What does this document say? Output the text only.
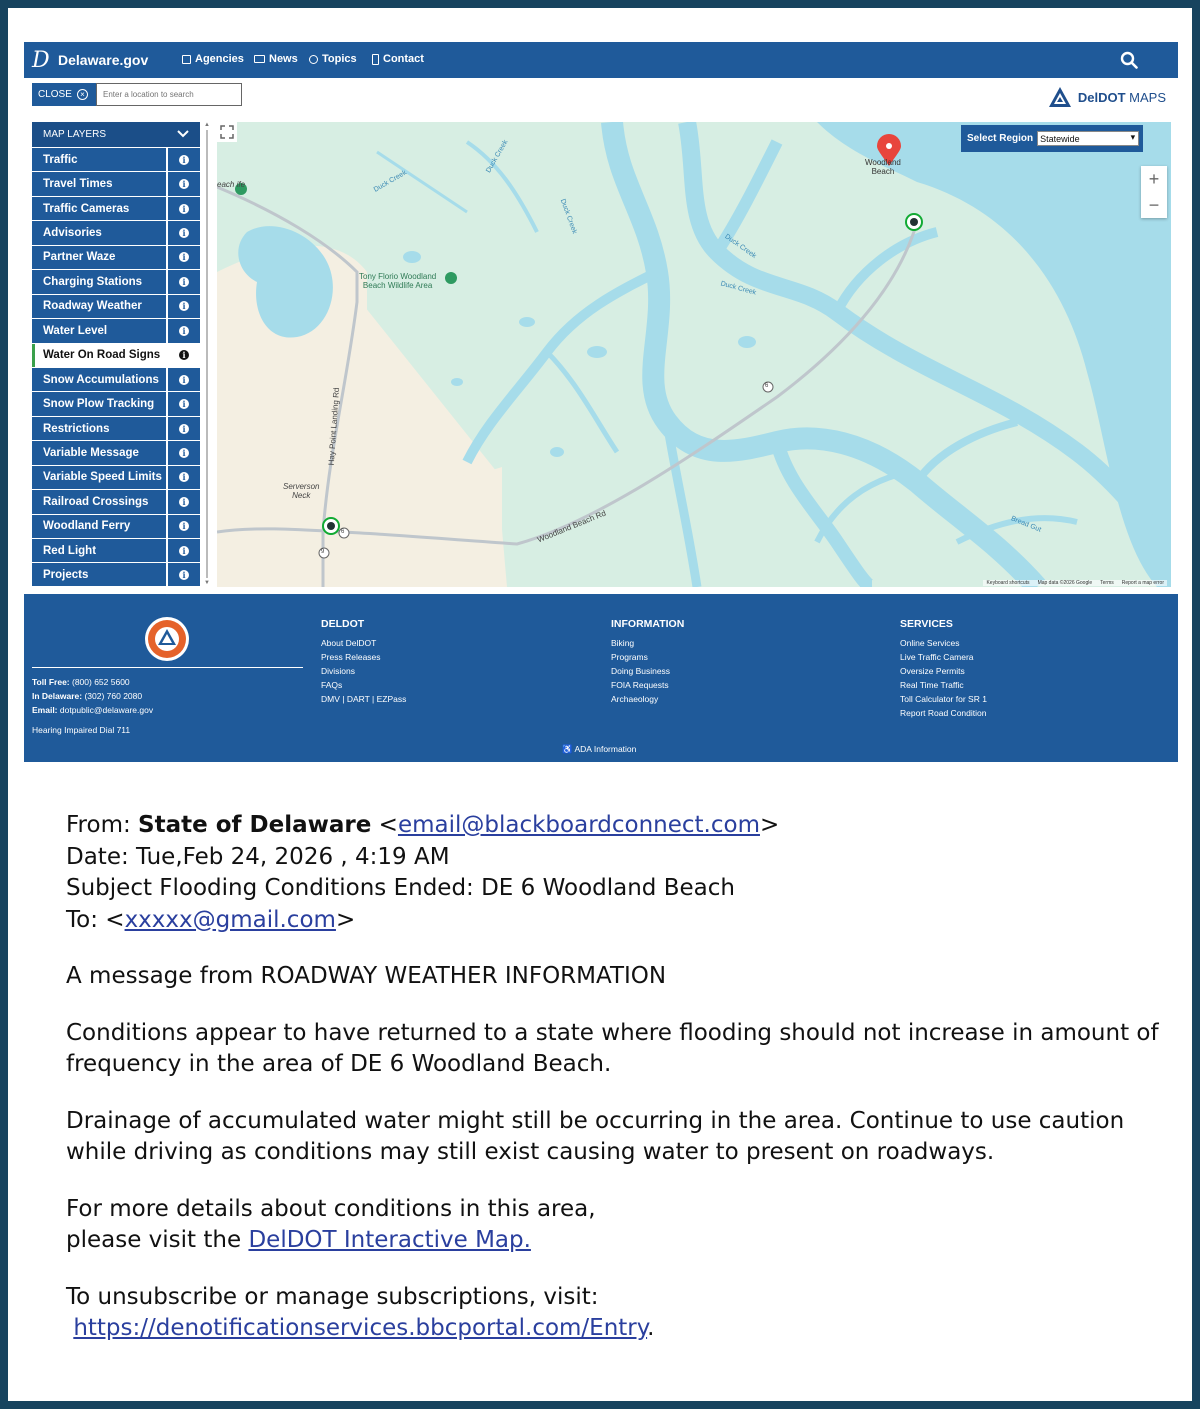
D Delaware.gov	Agencies News Topics Contact
CLOSE	×
Enter a location to search	DelDOT MAPS
MAP LAYERS
Traffic	i
Travel Times	i
Traffic Cameras	i
Advisories	i
Partner Waze	i
Charging Stations	i
Roadway Weather	i
Water Level	i
Water On Road Signs	i
Snow Accumulations	i
Snow Plow Tracking	i
Restrictions	i
Variable Message	i
Variable Speed Limits	i
Railroad Crossings	i
Woodland Ferry	i
Red Light	i
Projects	i
▲
▼
each ife
Woodland
Beach
Tony Florio Woodland
Beach Wildlife Area
Serverson
Neck
Hay Point Landing Rd
Woodland Beach Rd
Duck Creek
Duck Creek
Duck Creek
Duck Creek
Duck Creek
Bread Gut
6
6
9
Select Region Statewide
▾
+
−
Keyboard shortcuts Map data ©2026 Google Terms Report a map error
Toll Free: (800) 652 5600
In Delaware: (302) 760 2080
Email: dotpublic@delaware.gov
Hearing Impaired Dial 711
DELDOT
About DelDOT
Press Releases
Divisions
FAQs
DMV | DART | EZPass
INFORMATION
Biking
Programs
Doing Business
FOIA Requests
Archaeology
SERVICES
Online Services
Live Traffic Camera
Oversize Permits
Real Time Traffic
Toll Calculator for SR 1
Report Road Condition
♿ ADA Information
From: State of Delaware <email@blackboardconnect.com>
Date: Tue,Feb 24, 2026 , 4:19 AM
Subject Flooding Conditions Ended: DE 6 Woodland Beach
To: <xxxxx@gmail.com>
A message from ROADWAY WEATHER INFORMATION
Conditions appear to have returned to a state where flooding should not increase in amount of frequency in the area of DE 6 Woodland Beach.
Drainage of accumulated water might still be occurring in the area. Continue to use caution while driving as conditions may still exist causing water to present on roadways.
For more details about conditions in this area,
please visit the DelDOT Interactive Map.
To unsubscribe or manage subscriptions, visit:
https://denotificationservices.bbcportal.com/Entry.
